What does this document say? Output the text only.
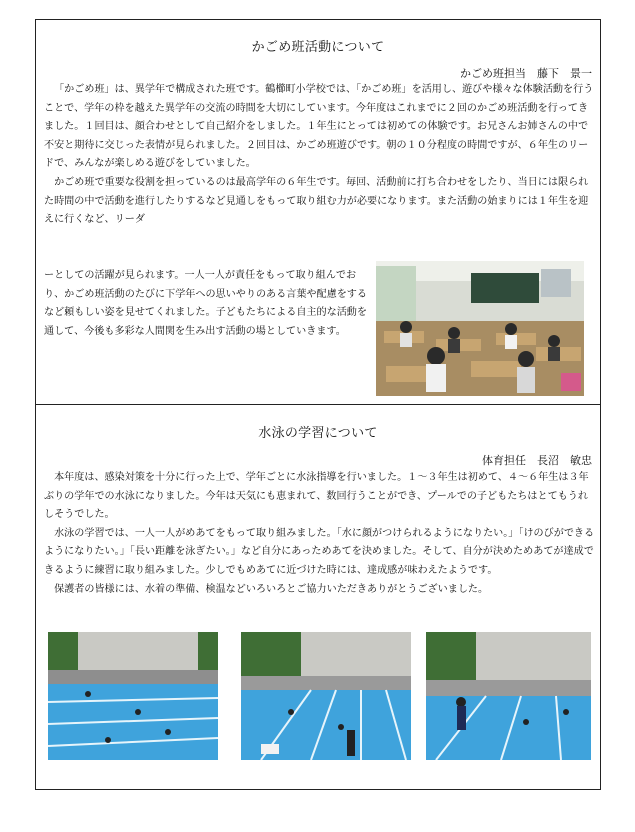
かごめ班活動について
かごめ班担当　藤下　景一

「かごめ班」は、異学年で構成された班です。鶴櫛町小学校では、「かごめ班」を活用し、遊びや様々な体験活動を行うことで、学年の枠を越えた異学年の交流の時間を大切にしています。今年度はこれまでに２回のかごめ班活動を行ってきました。１回目は、顔合わせとして自己紹介をしました。１年生にとっては初めての体験です。お兄さんお姉さんの中で不安と期待に交じった表情が見られました。２回目は、かごめ班遊びです。朝の１０分程度の時間ですが、６年生のリードで、みんなが楽しめる遊びをしていました。

かごめ班で重要な役割を担っているのは最高学年の６年生です。毎回、活動前に打ち合わせをしたり、当日には限られた時間の中で活動を進行したりするなど見通しをもって取り組む力が必要になります。また活動の始まりには１年生を迎えに行くなど、リーダ

ーとしての活躍が見られます。一人一人が責任をもって取り組んでおり、かごめ班活動のたびに下学年への思いやりのある言葉や配慮をするなど頼もしい姿を見せてくれました。子どもたちによる自主的な活動を通して、今後も多彩な人間関を生み出す活動の場としていきます。

水泳の学習について
体育担任　長沼　敏忠

本年度は、感染対策を十分に行った上で、学年ごとに水泳指導を行いました。１～３年生は初めて、４～６年生は３年ぶりの学年での水泳になりました。今年は天気にも恵まれて、数回行うことができ、プールでの子どもたちはとてもうれしそうでした。

水泳の学習では、一人一人がめあてをもって取り組みました。「水に顔がつけられるようになりたい。」「けのびができるようになりたい。」「長い距離を泳ぎたい。」など自分にあっためあてを決めました。そして、自分が決めためあてが達成できるように練習に取り組みました。少しでもめあてに近づけた時には、達成感が味わえたようです。

保護者の皆様には、水着の準備、検温などいろいろとご協力いただきありがとうございました。
